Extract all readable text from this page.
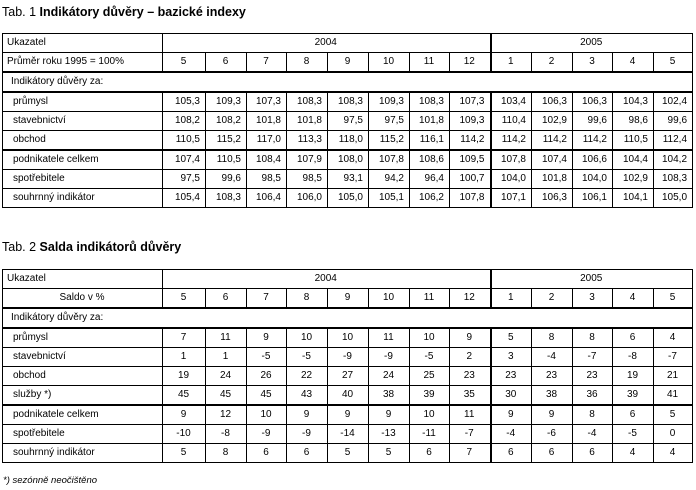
Tab. 1 Indikátory důvěry – bazické indexy
Ukazatel	2004								2005				
Průměr roku 1995 = 100%	5	6	7	8	9	10	11	12	1	2	3	4	5
Indikátory důvěry za:													
průmysl	105,3	109,3	107,3	108,3	108,3	109,3	108,3	107,3	103,4	106,3	106,3	104,3	102,4
stavebnictví	108,2	108,2	101,8	101,8	97,5	97,5	101,8	109,3	110,4	102,9	99,6	98,6	99,6
obchod	110,5	115,2	117,0	113,3	118,0	115,2	116,1	114,2	114,2	114,2	114,2	110,5	112,4
podnikatele celkem	107,4	110,5	108,4	107,9	108,0	107,8	108,6	109,5	107,8	107,4	106,6	104,4	104,2
spotřebitele	97,5	99,6	98,5	98,5	93,1	94,2	96,4	100,7	104,0	101,8	104,0	102,9	108,3
souhrnný indikátor	105,4	108,3	106,4	106,0	105,0	105,1	106,2	107,8	107,1	106,3	106,1	104,1	105,0
Tab. 2 Salda indikátorů důvěry
Ukazatel	2004								2005				
Saldo v %	5	6	7	8	9	10	11	12	1	2	3	4	5
Indikátory důvěry za:													
průmysl	7	11	9	10	10	11	10	9	5	8	8	6	4
stavebnictví	1	1	-5	-5	-9	-9	-5	2	3	-4	-7	-8	-7
obchod	19	24	26	22	27	24	25	23	23	23	23	19	21
služby *)	45	45	45	43	40	38	39	35	30	38	36	39	41
podnikatele celkem	9	12	10	9	9	9	10	11	9	9	8	6	5
spotřebitele	-10	-8	-9	-9	-14	-13	-11	-7	-4	-6	-4	-5	0
souhrnný indikátor	5	8	6	6	5	5	6	7	6	6	6	4	4
*) sezónně neočištěno
